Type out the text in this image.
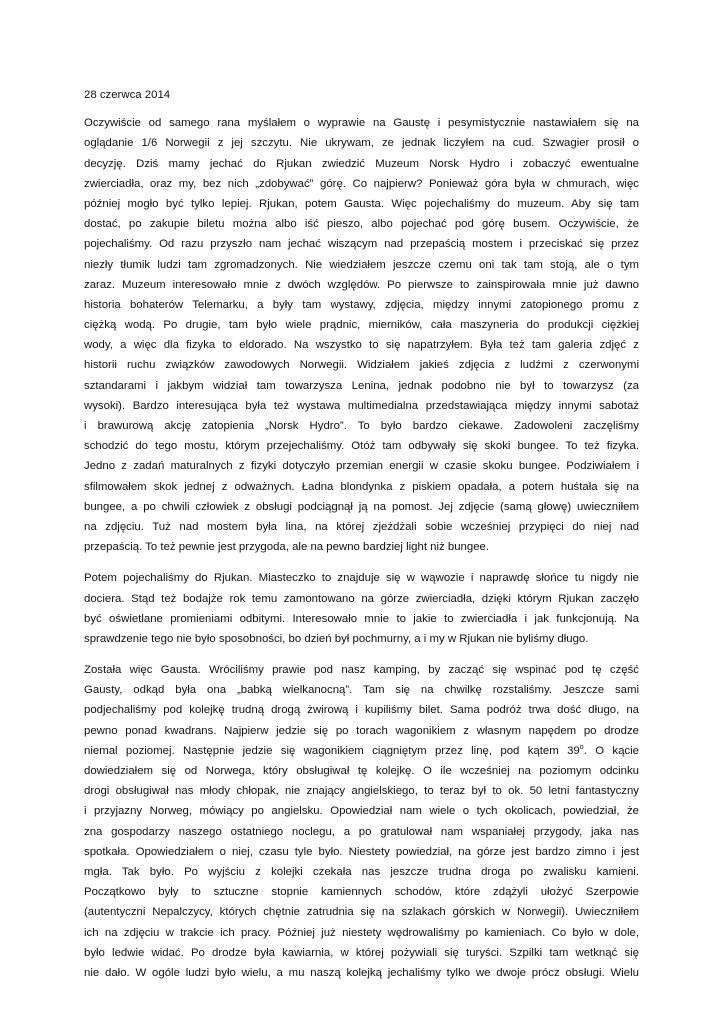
28 czerwca 2014
Oczywiście od samego rana myślałem o wyprawie na Gaustę i pesymistycznie nastawiałem się na
oglądanie 1/6 Norwegii z jej szczytu. Nie ukrywam, ze jednak liczyłem na cud. Szwagier prosił o
decyzję. Dziś mamy jechać do Rjukan zwiedzić Muzeum Norsk Hydro i zobaczyć ewentualne
zwierciadła, oraz my, bez nich „zdobywać” górę. Co najpierw? Ponieważ góra była w chmurach, więc
później mogło być tylko lepiej. Rjukan, potem Gausta. Więc pojechaliśmy do muzeum. Aby się tam
dostać, po zakupie biletu można albo iść pieszo, albo pojechać pod górę busem. Oczywiście, że
pojechaliśmy. Od razu przyszło nam jechać wiszącym nad przepaścią mostem i przeciskać się przez
niezły tłumik ludzi tam zgromadzonych. Nie wiedziałem jeszcze czemu oni tak tam stoją, ale o tym
zaraz. Muzeum interesowało mnie z dwóch względów. Po pierwsze to zainspirowała mnie już dawno
historia bohaterów Telemarku, a były tam wystawy, zdjęcia, między innymi zatopionego promu z
ciężką wodą. Po drugie, tam było wiele prądnic, mierników, cała maszyneria do produkcji ciężkiej
wody, a więc dla fizyka to eldorado. Na wszystko to się napatrzyłem. Była też tam galeria zdjęć z
historii ruchu związków zawodowych Norwegii. Widziałem jakieś zdjęcia z ludźmi z czerwonymi
sztandarami i jakbym widział tam towarzysza Lenina, jednak podobno nie był to towarzysz (za
wysoki). Bardzo interesująca była też wystawa multimedialna przedstawiająca między innymi sabotaż
i brawurową akcję zatopienia „Norsk Hydro”. To było bardzo ciekawe. Zadowoleni zaczęliśmy
schodzić do tego mostu, którym przejechaliśmy. Otóż tam odbywały się skoki bungee. To też fizyka.
Jedno z zadań maturalnych z fizyki dotyczyło przemian energii w czasie skoku bungee. Podziwiałem i
sfilmowałem skok jednej z odważnych. Ładna blondynka z piskiem opadała, a potem huśtała się na
bungee, a po chwili człowiek z obsługi podciągnął ją na pomost. Jej zdjęcie (samą głowę) uwieczniłem
na zdjęciu. Tuż nad mostem była lina, na której zjeżdżali sobie wcześniej przypięci do niej nad
przepaścią. To też pewnie jest przygoda, ale na pewno bardziej light niż bungee.
Potem pojechaliśmy do Rjukan. Miasteczko to znajduje się w wąwozie i naprawdę słońce tu nigdy nie
dociera. Stąd też bodajże rok temu zamontowano na górze zwierciadła, dzięki którym Rjukan zaczęło
być oświetlane promieniami odbitymi. Interesowało mnie to jakie to zwierciadła i jak funkcjonują. Na
sprawdzenie tego nie było sposobności, bo dzień był pochmurny, a i my w Rjukan nie byliśmy długo.
Została więc Gausta. Wróciliśmy prawie pod nasz kamping, by zacząć się wspinać pod tę część
Gausty, odkąd była ona „babką wielkanocną”. Tam się na chwilkę rozstaliśmy. Jeszcze sami
podjechaliśmy pod kolejkę trudną drogą żwirową i kupiliśmy bilet. Sama podróż trwa dość długo, na
pewno ponad kwadrans. Najpierw jedzie się po torach wagonikiem z własnym napędem po drodze
niemal poziomej. Następnie jedzie się wagonikiem ciągniętym przez linę, pod kątem 39$^o$. O kącie
dowiedziałem się od Norwega, który obsługiwał tę kolejkę. O ile wcześniej na poziomym odcinku
drogi obsługiwał nas młody chłopak, nie znający angielskiego, to teraz był to ok. 50 letni fantastyczny
i przyjazny Norweg, mówiący po angielsku. Opowiedział nam wiele o tych okolicach, powiedział, że
zna gospodarzy naszego ostatniego noclegu, a po gratulował nam wspaniałej przygody, jaka nas
spotkała. Opowiedziałem o niej, czasu tyle było. Niestety powiedział, na górze jest bardzo zimno i jest
mgła. Tak było. Po wyjściu z kolejki czekała nas jeszcze trudna droga po zwalisku kamieni.
Początkowo były to sztuczne stopnie kamiennych schodów, które zdążyli ułożyć Szerpowie
(autentyczni Nepalczycy, których chętnie zatrudnia się na szlakach górskich w Norwegii). Uwieczniłem
ich na zdjęciu w trakcie ich pracy. Później już niestety wędrowaliśmy po kamieniach. Co było w dole,
było ledwie widać. Po drodze była kawiarnia, w której pożywiali się turyści. Szpilki tam wetknąć się
nie dało. W ogóle ludzi było wielu, a mu naszą kolejką jechaliśmy tylko we dwoje prócz obsługi. Wielu
